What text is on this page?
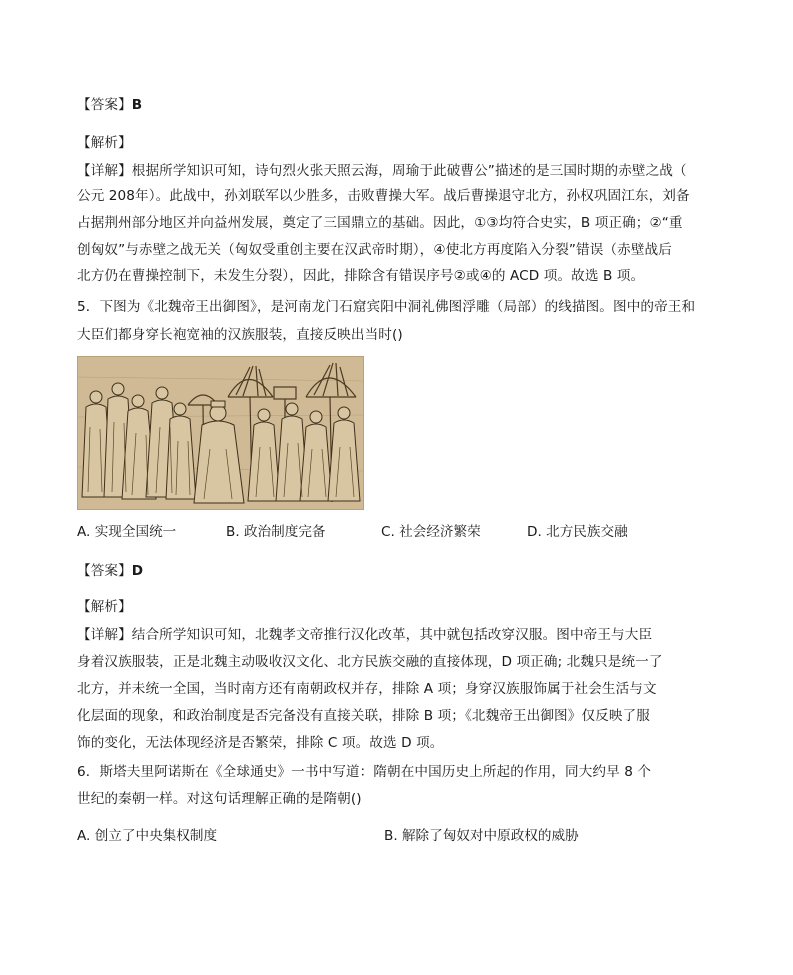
【答案】B
【解析】
【详解】根据所学知识可知，诗句烈火张天照云海，周瑜于此破曹公”描述的是三国时期的赤壁之战（
公元 208年）。此战中，孙刘联军以少胜多，击败曹操大军。战后曹操退守北方，孙权巩固江东，刘备
占据荆州部分地区并向益州发展，奠定了三国鼎立的基础。因此，①③均符合史实，B 项正确；②“重
创匈奴”与赤壁之战无关（匈奴受重创主要在汉武帝时期），④使北方再度陷入分裂”错误（赤壁战后
北方仍在曹操控制下，未发生分裂），因此，排除含有错误序号②或④的 ACD 项。故选 B 项。
5．下图为《北魏帝王出御图》，是河南龙门石窟宾阳中洞礼佛图浮雕（局部）的线描图。图中的帝王和
大臣们都身穿长袍宽袖的汉族服装，直接反映出当时()
A. 实现全国统一	B. 政治制度完备	C. 社会经济繁荣	D. 北方民族交融
【答案】D
【解析】
【详解】结合所学知识可知，北魏孝文帝推行汉化改革，其中就包括改穿汉服。图中帝王与大臣
身着汉族服装，正是北魏主动吸收汉文化、北方民族交融的直接体现，D 项正确; 北魏只是统一了
北方，并未统一全国，当时南方还有南朝政权并存，排除 A 项；身穿汉族服饰属于社会生活与文
化层面的现象，和政治制度是否完备没有直接关联，排除 B 项；《北魏帝王出御图》仅反映了服
饰的变化，无法体现经济是否繁荣，排除 C 项。故选 D 项。
6．斯塔夫里阿诺斯在《全球通史》一书中写道：隋朝在中国历史上所起的作用，同大约早 8 个
世纪的秦朝一样。对这句话理解正确的是隋朝()
A. 创立了中央集权制度	B. 解除了匈奴对中原政权的威胁
